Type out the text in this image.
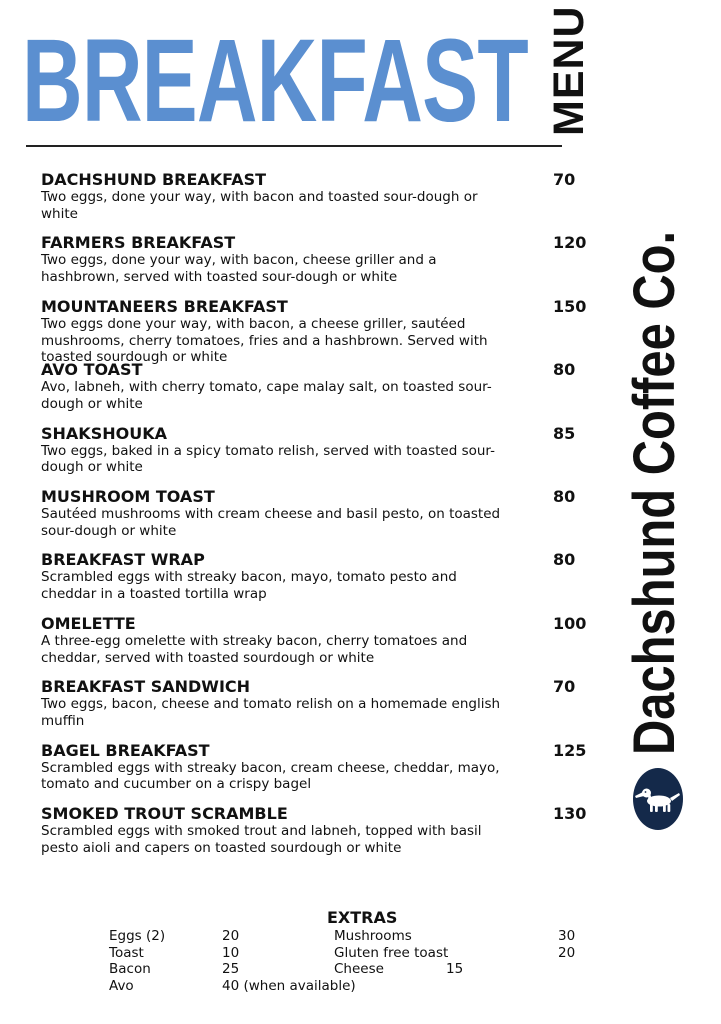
BREAKFAST MENU
DACHSHUND BREAKFAST	70
Two eggs, done your way, with bacon and toasted sour-dough or white
FARMERS BREAKFAST	120
Two eggs, done your way, with bacon, cheese griller and a hashbrown, served with toasted sour-dough or white
MOUNTANEERS BREAKFAST	150
Two eggs done your way, with bacon, a cheese griller, sautéed mushrooms, cherry tomatoes, fries and a hashbrown. Served with toasted sourdough or white
AVO TOAST	80
Avo, labneh, with cherry tomato, cape malay salt, on toasted sour-dough or white
SHAKSHOUKA	85
Two eggs, baked in a spicy tomato relish, served with toasted sour-dough or white
MUSHROOM TOAST	80
Sautéed mushrooms with cream cheese and basil pesto, on toasted sour-dough or white
BREAKFAST WRAP	80
Scrambled eggs with streaky bacon, mayo, tomato pesto and cheddar in a toasted tortilla wrap
OMELETTE	100
A three-egg omelette with streaky bacon, cherry tomatoes and cheddar, served with toasted sourdough or white
BREAKFAST SANDWICH	70
Two eggs, bacon, cheese and tomato relish on a homemade english muffin
BAGEL BREAKFAST	125
Scrambled eggs with streaky bacon, cream cheese, cheddar, mayo, tomato and cucumber on a crispy bagel
SMOKED TROUT SCRAMBLE	130
Scrambled eggs with smoked trout and labneh, topped with basil pesto aioli and capers on toasted sourdough or white
Dachshund Coffee Co.
EXTRAS
Eggs (2)	20
Toast	10
Bacon	25
Avo	40 (when available)
Mushrooms	30
Gluten free toast	20
Cheese	15
